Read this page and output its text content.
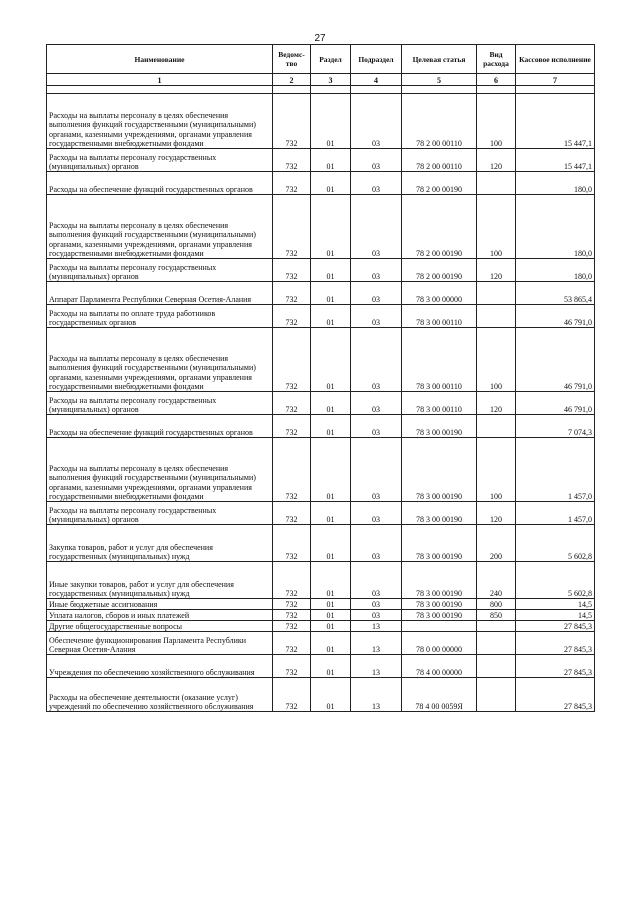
27
Наименование	Ведомс-тво	Раздел	Подраздел	Целевая статья	Вид расхода	Кассовое исполнение
1	2	3	4	5	6	7

Расходы на выплаты персоналу в целях обеспечения выполнения функций государственными (муниципальными) органами, казенными учреждениями, органами управления государственными внебюджетными фондами	732	01	03	78 2 00 00110	100	15 447,1
Расходы на выплаты персоналу государственных (муниципальных) органов	732	01	03	78 2 00 00110	120	15 447,1
Расходы на обеспечение функций государственных органов	732	01	03	78 2 00 00190		180,0
Расходы на выплаты персоналу в целях обеспечения выполнения функций государственными (муниципальными) органами, казенными учреждениями, органами управления государственными внебюджетными фондами	732	01	03	78 2 00 00190	100	180,0
Расходы на выплаты персоналу государственных (муниципальных) органов	732	01	03	78 2 00 00190	120	180,0
Аппарат Парламента Республики Северная Осетия-Алания	732	01	03	78 3 00 00000		53 865,4
Расходы на выплаты по оплате труда работников государственных органов	732	01	03	78 3 00 00110		46 791,0
Расходы на выплаты персоналу в целях обеспечения выполнения функций государственными (муниципальными) органами, казенными учреждениями, органами управления государственными внебюджетными фондами	732	01	03	78 3 00 00110	100	46 791,0
Расходы на выплаты персоналу государственных (муниципальных) органов	732	01	03	78 3 00 00110	120	46 791,0
Расходы на обеспечение функций государственных органов	732	01	03	78 3 00 00190		7 074,3
Расходы на выплаты персоналу в целях обеспечения выполнения функций государственными (муниципальными) органами, казенными учреждениями, органами управления государственными внебюджетными фондами	732	01	03	78 3 00 00190	100	1 457,0
Расходы на выплаты персоналу государственных (муниципальных) органов	732	01	03	78 3 00 00190	120	1 457,0
Закупка товаров, работ и услуг для обеспечения государственных (муниципальных) нужд	732	01	03	78 3 00 00190	200	5 602,8
Иные закупки товаров, работ и услуг для обеспечения государственных (муниципальных) нужд	732	01	03	78 3 00 00190	240	5 602,8
Иные бюджетные ассигнования	732	01	03	78 3 00 00190	800	14,5
Уплата налогов, сборов и иных платежей	732	01	03	78 3 00 00190	850	14,5
Другие общегосударственные вопросы	732	01	13			27 845,3
Обеспечение функционирования Парламента Республики Северная Осетия-Алания	732	01	13	78 0 00 00000		27 845,3
Учреждения по обеспечению хозяйственного обслуживания	732	01	13	78 4 00 00000		27 845,3
Расходы на обеспечение деятельности (оказание услуг) учреждений по обеспечению хозяйственного обслуживания	732	01	13	78 4 00 0059Я		27 845,3
